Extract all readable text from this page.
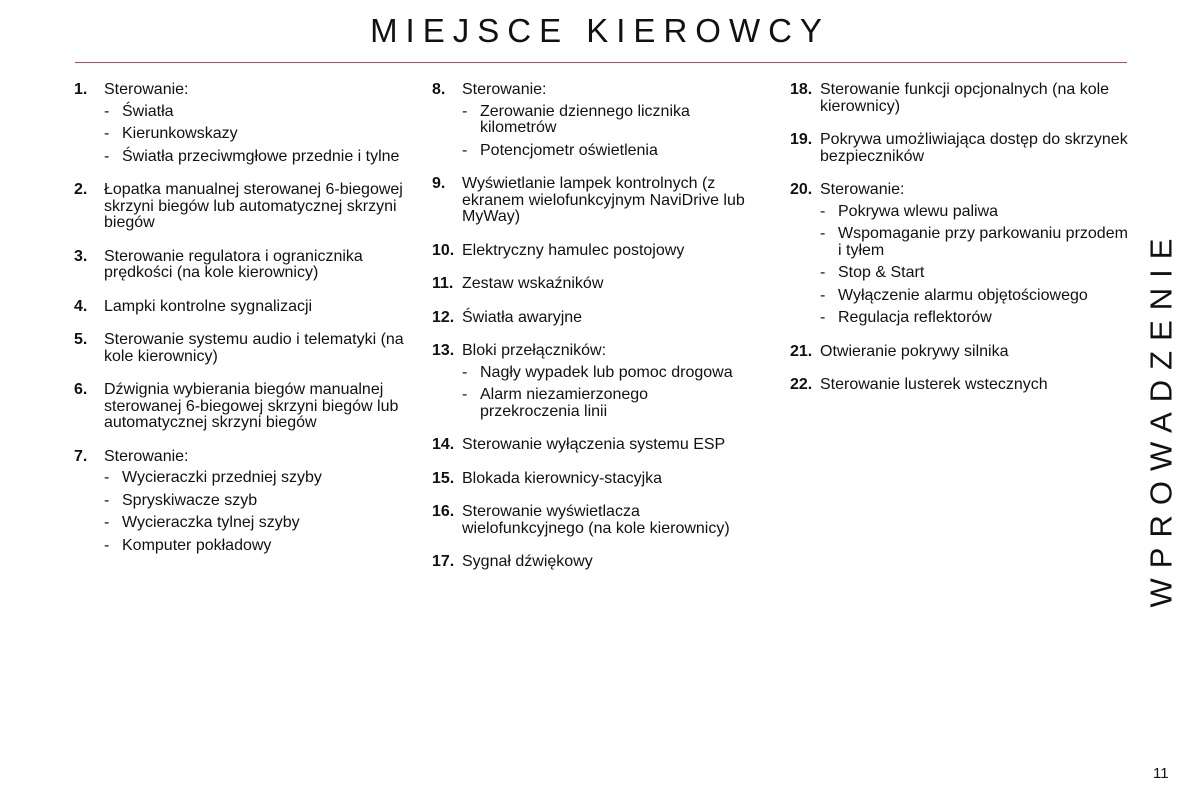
MIEJSCE KIEROWCY
1. Sterowanie:
- Światła
- Kierunkowskazy
- Światła przeciwmgłowe przednie i tylne
2. Łopatka manualnej sterowanej 6-biegowej skrzyni biegów lub automatycznej skrzyni biegów
3. Sterowanie regulatora i ogranicznika prędkości (na kole kierownicy)
4. Lampki kontrolne sygnalizacji
5. Sterowanie systemu audio i telematyki (na kole kierownicy)
6. Dźwignia wybierania biegów manualnej sterowanej 6-biegowej skrzyni biegów lub automatycznej skrzyni biegów
7. Sterowanie:
- Wycieraczki przedniej szyby
- Spryskiwacze szyb
- Wycieraczka tylnej szyby
- Komputer pokładowy
8. Sterowanie:
- Zerowanie dziennego licznika kilometrów
- Potencjometr oświetlenia
9. Wyświetlanie lampek kontrolnych (z ekranem wielofunkcyjnym NaviDrive lub MyWay)
10. Elektryczny hamulec postojowy
11. Zestaw wskaźników
12. Światła awaryjne
13. Bloki przełączników:
- Nagły wypadek lub pomoc drogowa
- Alarm niezamierzonego przekroczenia linii
14. Sterowanie wyłączenia systemu ESP
15. Blokada kierownicy-stacyjka
16. Sterowanie wyświetlacza wielofunkcyjnego (na kole kierownicy)
17. Sygnał dźwiękowy
18. Sterowanie funkcji opcjonalnych (na kole kierownicy)
19. Pokrywa umożliwiająca dostęp do skrzynek bezpieczników
20. Sterowanie:
- Pokrywa wlewu paliwa
- Wspomaganie przy parkowaniu przodem i tyłem
- Stop & Start
- Wyłączenie alarmu objętościowego
- Regulacja reflektorów
21. Otwieranie pokrywy silnika
22. Sterowanie lusterek wstecznych	WPROWADZENIE
11
